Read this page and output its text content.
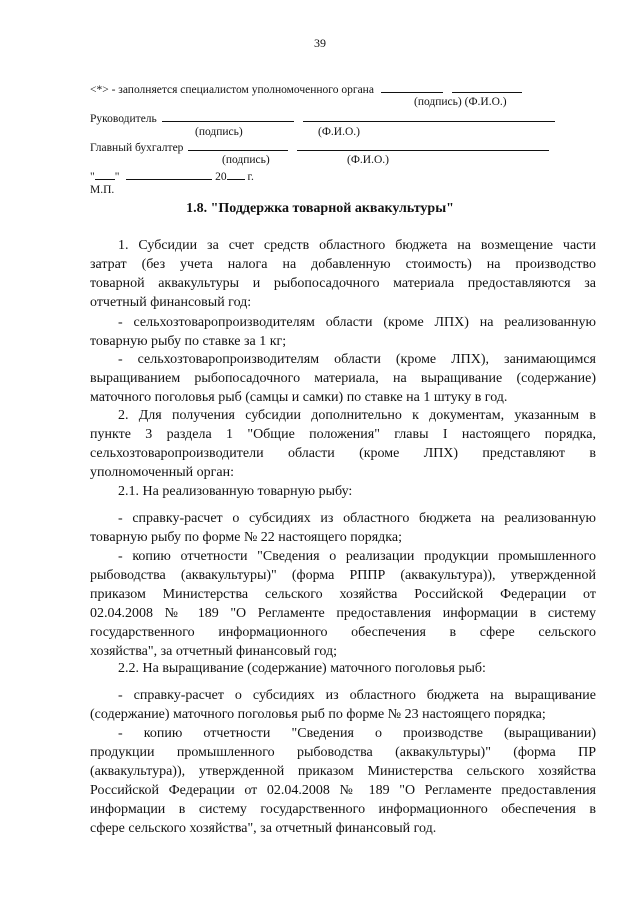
39
<*> - заполняется специалистом уполномоченного органа
(подпись) (Ф.И.О.)
Руководитель
(подпись)	(Ф.И.О.)
Главный бухгалтер
(подпись)	(Ф.И.О.)
" "	20 г.
М.П.
1.8. "Поддержка товарной аквакультуры"
1. Субсидии за счет средств областного бюджета на возмещение части
затрат (без учета налога на добавленную стоимость) на производство
товарной аквакультуры и рыбопосадочного материала предоставляются за
отчетный финансовый год:
- сельхозтоваропроизводителям области (кроме ЛПХ) на реализованную
товарную рыбу по ставке за 1 кг;
- сельхозтоваропроизводителям области (кроме ЛПХ), занимающимся
выращиванием рыбопосадочного материала, на выращивание (содержание)
маточного поголовья рыб (самцы и самки) по ставке на 1 штуку в год.
2. Для получения субсидии дополнительно к документам, указанным в
пункте 3 раздела 1 "Общие положения" главы I настоящего порядка,
сельхозтоваропроизводители области (кроме ЛПХ) представляют в
уполномоченный орган:
2.1. На реализованную товарную рыбу:
- справку-расчет о субсидиях из областного бюджета на реализованную
товарную рыбу по форме № 22 настоящего порядка;
- копию отчетности "Сведения о реализации продукции промышленного
рыбоводства (аквакультуры)" (форма РППР (аквакультура)), утвержденной
приказом Министерства сельского хозяйства Российской Федерации от
02.04.2008 № 189 "О Регламенте предоставления информации в систему
государственного информационного обеспечения в сфере сельского
хозяйства", за отчетный финансовый год;
2.2. На выращивание (содержание) маточного поголовья рыб:
- справку-расчет о субсидиях из областного бюджета на выращивание
(содержание) маточного поголовья рыб по форме № 23 настоящего порядка;
- копию отчетности "Сведения о производстве (выращивании)
продукции промышленного рыбоводства (аквакультуры)" (форма ПР
(аквакультура)), утвержденной приказом Министерства сельского хозяйства
Российской Федерации от 02.04.2008 № 189 "О Регламенте предоставления
информации в систему государственного информационного обеспечения в
сфере сельского хозяйства", за отчетный финансовый год.
